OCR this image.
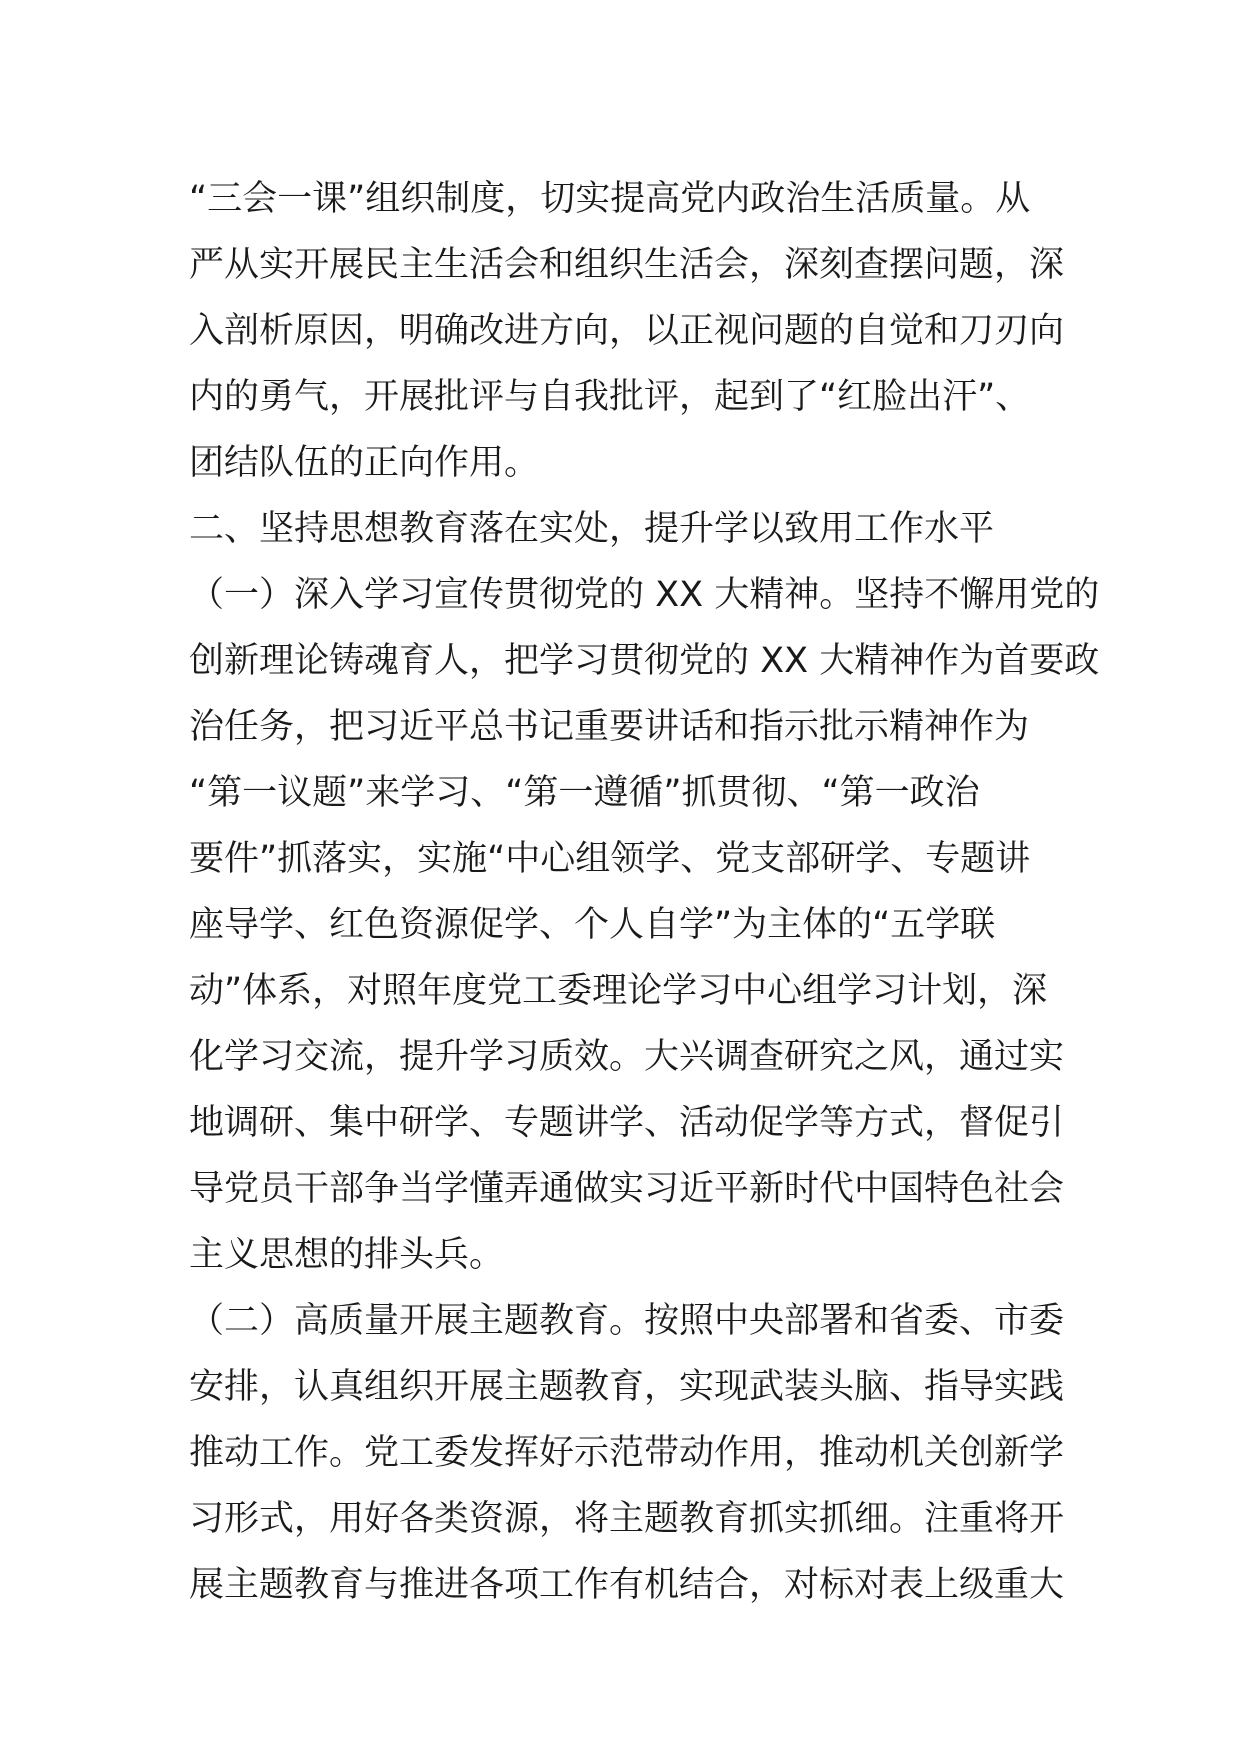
“三会一课”组织制度，切实提高党内政治生活质量。从
严从实开展民主生活会和组织生活会，深刻查摆问题，深
入剖析原因，明确改进方向，以正视问题的自觉和刀刃向
内的勇气，开展批评与自我批评，起到了“红脸出汗”、
团结队伍的正向作用。
二、坚持思想教育落在实处，提升学以致用工作水平
（一）深入学习宣传贯彻党的 XX 大精神。坚持不懈用党的
创新理论铸魂育人，把学习贯彻党的 XX 大精神作为首要政
治任务，把习近平总书记重要讲话和指示批示精神作为
“第一议题”来学习、“第一遵循”抓贯彻、“第一政治
要件”抓落实，实施“中心组领学、党支部研学、专题讲
座导学、红色资源促学、个人自学”为主体的“五学联
动”体系，对照年度党工委理论学习中心组学习计划，深
化学习交流，提升学习质效。大兴调查研究之风，通过实
地调研、集中研学、专题讲学、活动促学等方式，督促引
导党员干部争当学懂弄通做实习近平新时代中国特色社会
主义思想的排头兵。
（二）高质量开展主题教育。按照中央部署和省委、市委
安排，认真组织开展主题教育，实现武装头脑、指导实践
推动工作。党工委发挥好示范带动作用，推动机关创新学
习形式，用好各类资源，将主题教育抓实抓细。注重将开
展主题教育与推进各项工作有机结合，对标对表上级重大
